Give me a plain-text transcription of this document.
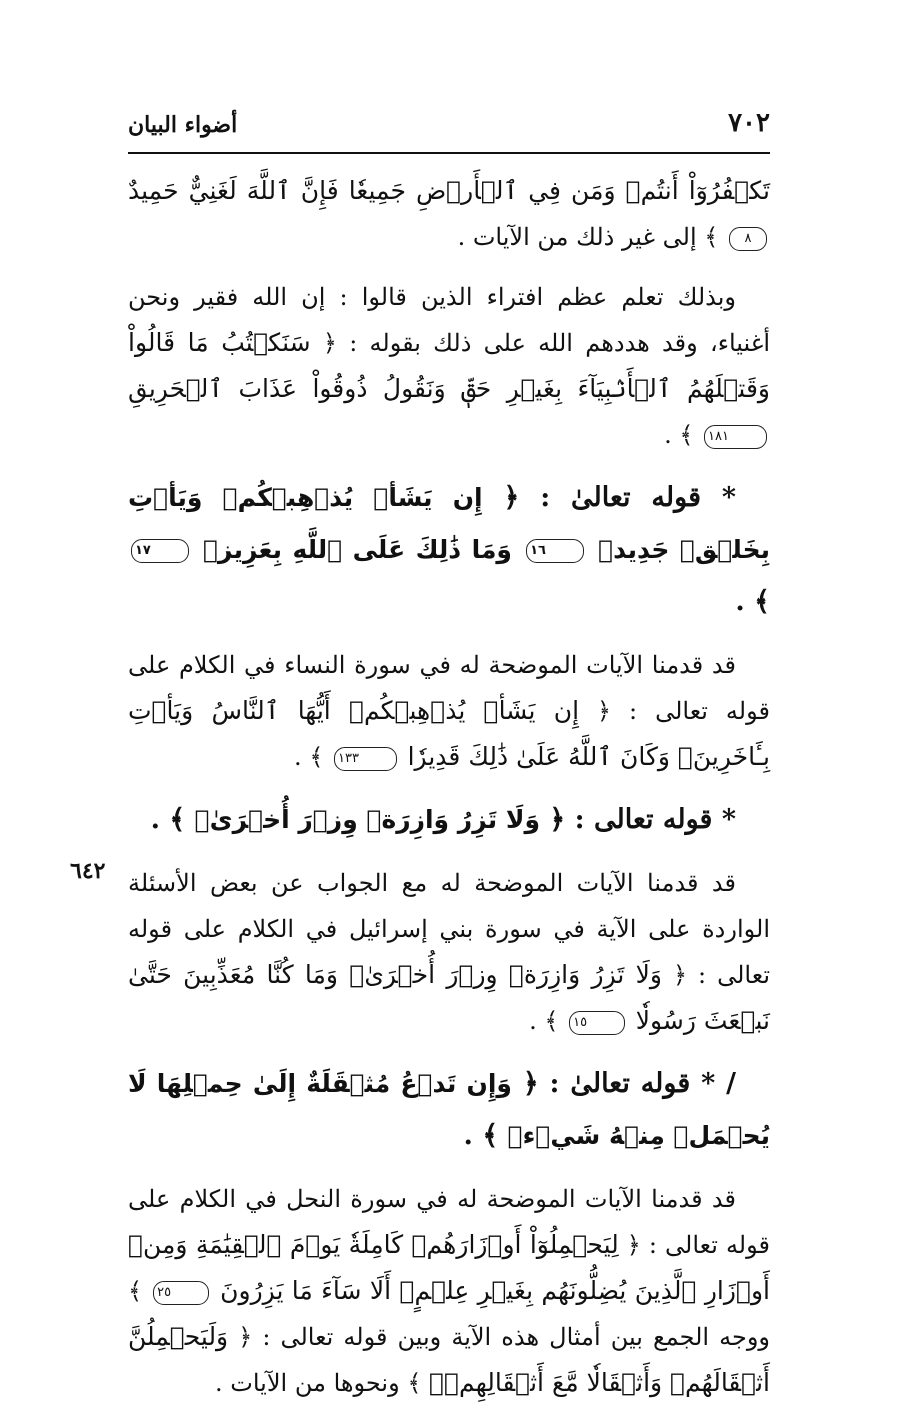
أضواء البيان	٧٠٢
٦٤٢

تَكۡفُرُوٓاْ أَنتُمۡ وَمَن فِي ٱلۡأَرۡضِ جَمِيعٗا فَإِنَّ ٱللَّهَ لَغَنِيٌّ حَمِيدٌ ٨ ﴾ إلى غير ذلك من الآيات .

وبذلك تعلم عظم افتراء الذين قالوا : إن الله فقير ونحن أغنياء، وقد هددهم الله على ذلك بقوله : ﴿ سَنَكۡتُبُ مَا قَالُواْ وَقَتۡلَهُمُ ٱلۡأَنۢبِيَآءَ بِغَيۡرِ حَقّٖ وَنَقُولُ ذُوقُواْ عَذَابَ ٱلۡحَرِيقِ ١٨١ ﴾ .

* قوله تعالىٰ : ﴿ إِن يَشَأۡ يُذۡهِبۡكُمۡ وَيَأۡتِ بِخَلۡقٖ جَدِيدٖ ١٦ وَمَا ذَٰلِكَ عَلَى ٱللَّهِ بِعَزِيزٖ ١٧ ﴾ .

قد قدمنا الآيات الموضحة له في سورة النساء في الكلام على قوله تعالى : ﴿ إِن يَشَأۡ يُذۡهِبۡكُمۡ أَيُّهَا ٱلنَّاسُ وَيَأۡتِ بِـَٔاخَرِينَۚ وَكَانَ ٱللَّهُ عَلَىٰ ذَٰلِكَ قَدِيرٗا ١٣٣ ﴾ .

* قوله تعالى : ﴿ وَلَا تَزِرُ وَازِرَةٞ وِزۡرَ أُخۡرَىٰۚ ﴾ .

قد قدمنا الآيات الموضحة له مع الجواب عن بعض الأسئلة الواردة على الآية في سورة بني إسرائيل في الكلام على قوله تعالى : ﴿ وَلَا تَزِرُ وَازِرَةٞ وِزۡرَ أُخۡرَىٰۗ وَمَا كُنَّا مُعَذِّبِينَ حَتَّىٰ نَبۡعَثَ رَسُولٗا ١٥ ﴾ .

/ * قوله تعالىٰ : ﴿ وَإِن تَدۡعُ مُثۡقَلَةٌ إِلَىٰ حِمۡلِهَا لَا يُحۡمَلۡ مِنۡهُ شَيۡءٞ ﴾ .

قد قدمنا الآيات الموضحة له في سورة النحل في الكلام على قوله تعالى : ﴿ لِيَحۡمِلُوٓاْ أَوۡزَارَهُمۡ كَامِلَةٗ يَوۡمَ ٱلۡقِيَٰمَةِ وَمِنۡ أَوۡزَارِ ٱلَّذِينَ يُضِلُّونَهُم بِغَيۡرِ عِلۡمٍۗ أَلَا سَآءَ مَا يَزِرُونَ ٢٥ ﴾ ووجه الجمع بين أمثال هذه الآية وبين قوله تعالى : ﴿ وَلَيَحۡمِلُنَّ أَثۡقَالَهُمۡ وَأَثۡقَالٗا مَّعَ أَثۡقَالِهِمۡۖ ﴾ ونحوها من الآيات .
